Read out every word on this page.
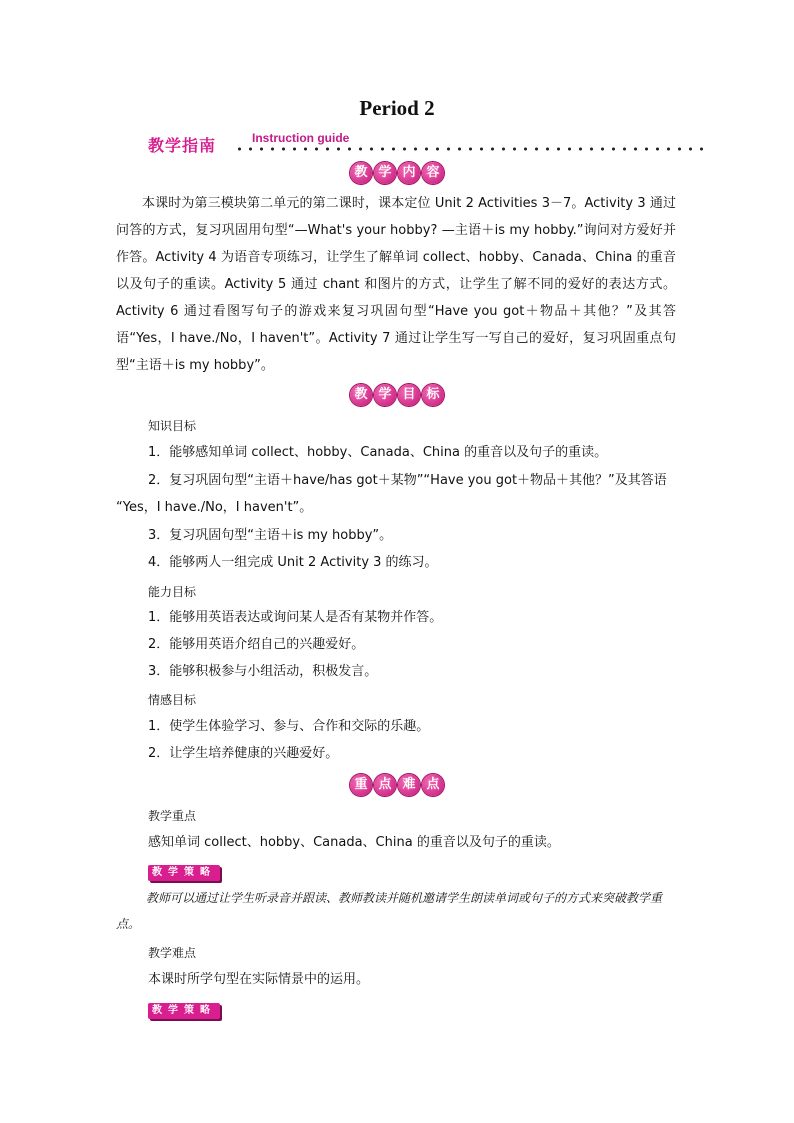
Period 2
教学指南	Instruction guide
教 学 内 容
本课时为第三模块第二单元的第二课时，课本定位 Unit 2 Activities 3－7。Activity 3 通过问答的方式，复习巩固用句型“—What's your hobby? —主语＋is my hobby.”询问对方爱好并作答。Activity 4 为语音专项练习，让学生了解单词 collect、hobby、Canada、China 的重音以及句子的重读。Activity 5 通过 chant 和图片的方式，让学生了解不同的爱好的表达方式。Activity 6 通过看图写句子的游戏来复习巩固句型“Have you got＋物品＋其他？”及其答语“Yes，I have./No，I haven't”。Activity 7 通过让学生写一写自己的爱好，复习巩固重点句型“主语＋is my hobby”。
教 学 目 标
知识目标
1．能够感知单词 collect、hobby、Canada、China 的重音以及句子的重读。
2．复习巩固句型“主语＋have/has got＋某物”“Have you got＋物品＋其他？”及其答语
“Yes，I have./No，I haven't”。
3．复习巩固句型“主语＋is my hobby”。
4．能够两人一组完成 Unit 2 Activity 3 的练习。
能力目标
1．能够用英语表达或询问某人是否有某物并作答。
2．能够用英语介绍自己的兴趣爱好。
3．能够积极参与小组活动，积极发言。
情感目标
1．使学生体验学习、参与、合作和交际的乐趣。
2．让学生培养健康的兴趣爱好。
重 点 难 点
教学重点
感知单词 collect、hobby、Canada、China 的重音以及句子的重读。
教学策略
教师可以通过让学生听录音并跟读、教师教读并随机邀请学生朗读单词或句子的方式来突破教学重点。
教学难点
本课时所学句型在实际情景中的运用。
教学策略
